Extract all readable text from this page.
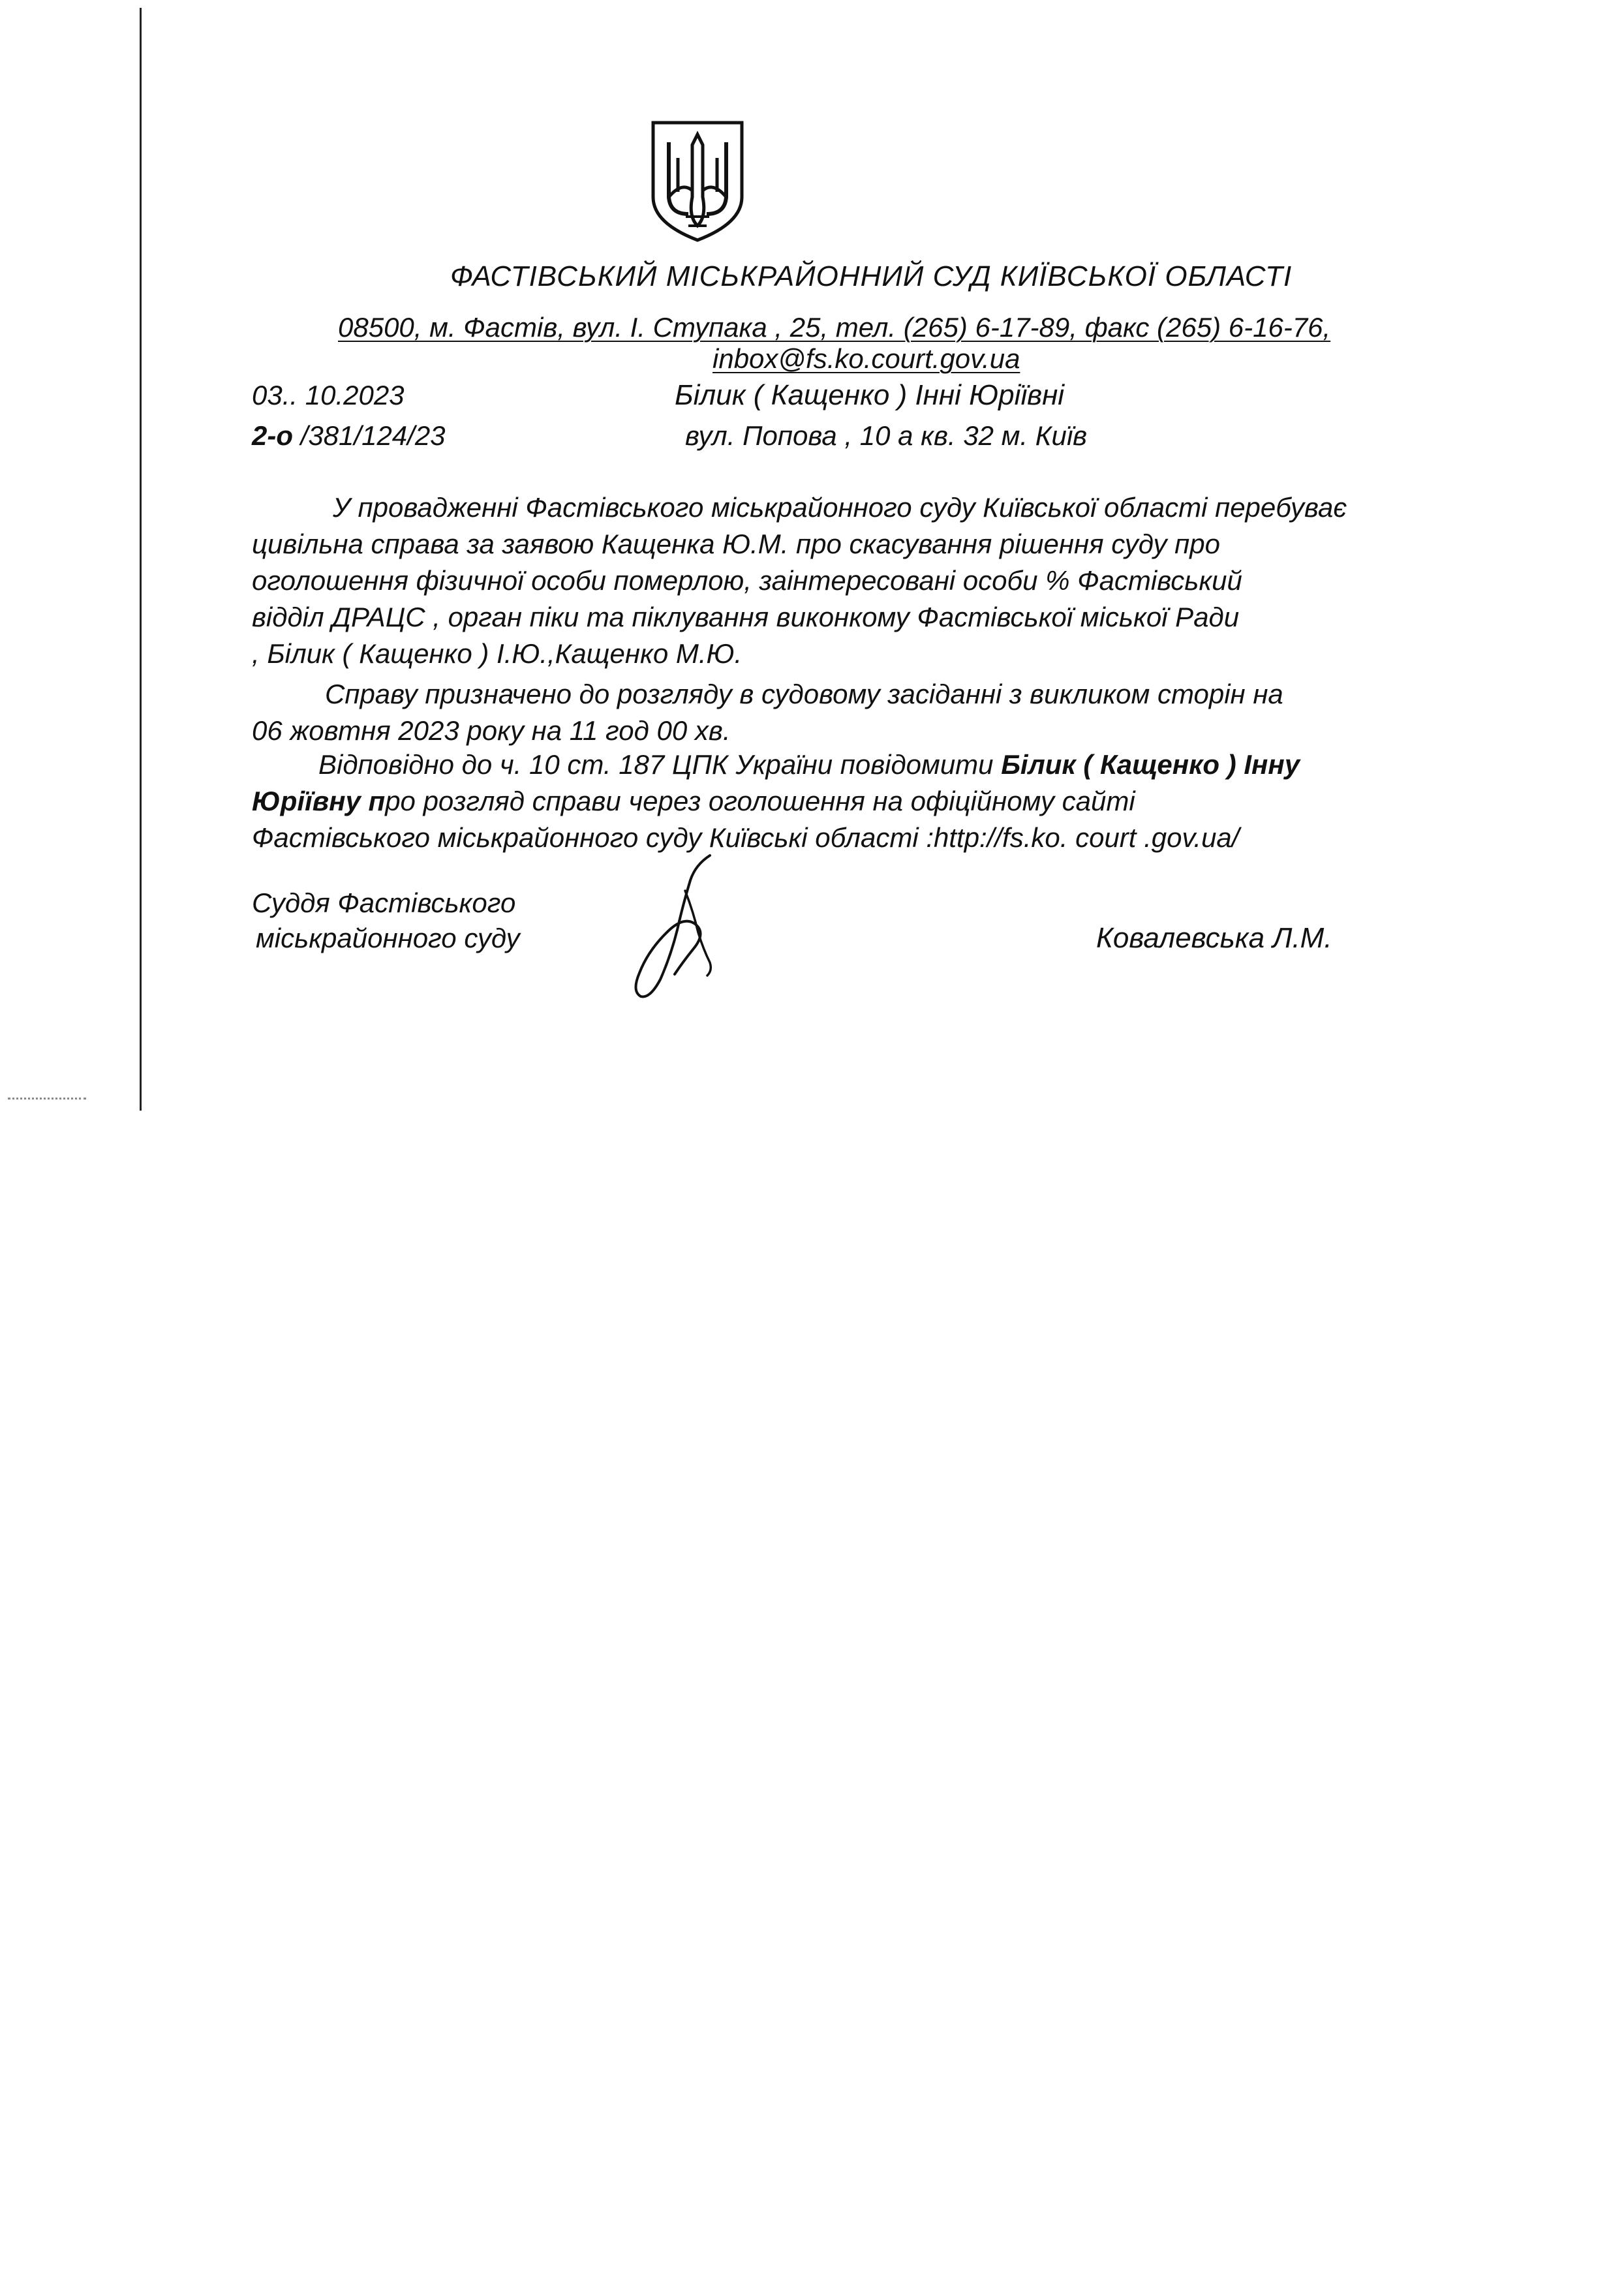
ФАСТІВСЬКИЙ МІСЬКРАЙОННИЙ СУД КИЇВСЬКОЇ ОБЛАСТІ
08500, м. Фастів, вул. І. Ступака , 25, тел. (265) 6-17-89, факс (265) 6-16-76,
inbox@fs.ko.court.gov.ua
03.. 10.2023
2-о /381/124/23
Білик ( Кащенко ) Інні Юріївні
вул. Попова , 10 а кв. 32 м. Київ
У провадженні Фастівського міськрайонного суду Київської області перебуває
цивільна справа за заявою Кащенка Ю.М. про скасування рішення суду про
оголошення фізичної особи померлою, заінтересовані особи % Фастівський
відділ ДРАЦС , орган піки та піклування виконкому Фастівської міської Ради
, Білик ( Кащенко ) І.Ю.,Кащенко М.Ю.
Справу призначено до розгляду в судовому засіданні з викликом сторін на
06 жовтня 2023 року на 11 год 00 хв.
Відповідно до ч. 10 ст. 187 ЦПК України повідомити Білик ( Кащенко ) Інну
Юріївну про розгляд справи через оголошення на офіційному сайті
Фастівського міськрайонного суду Київські області :http://fs.ko. court .gov.ua/
Суддя Фастівського
міськрайонного суду	Ковалевська Л.М.
